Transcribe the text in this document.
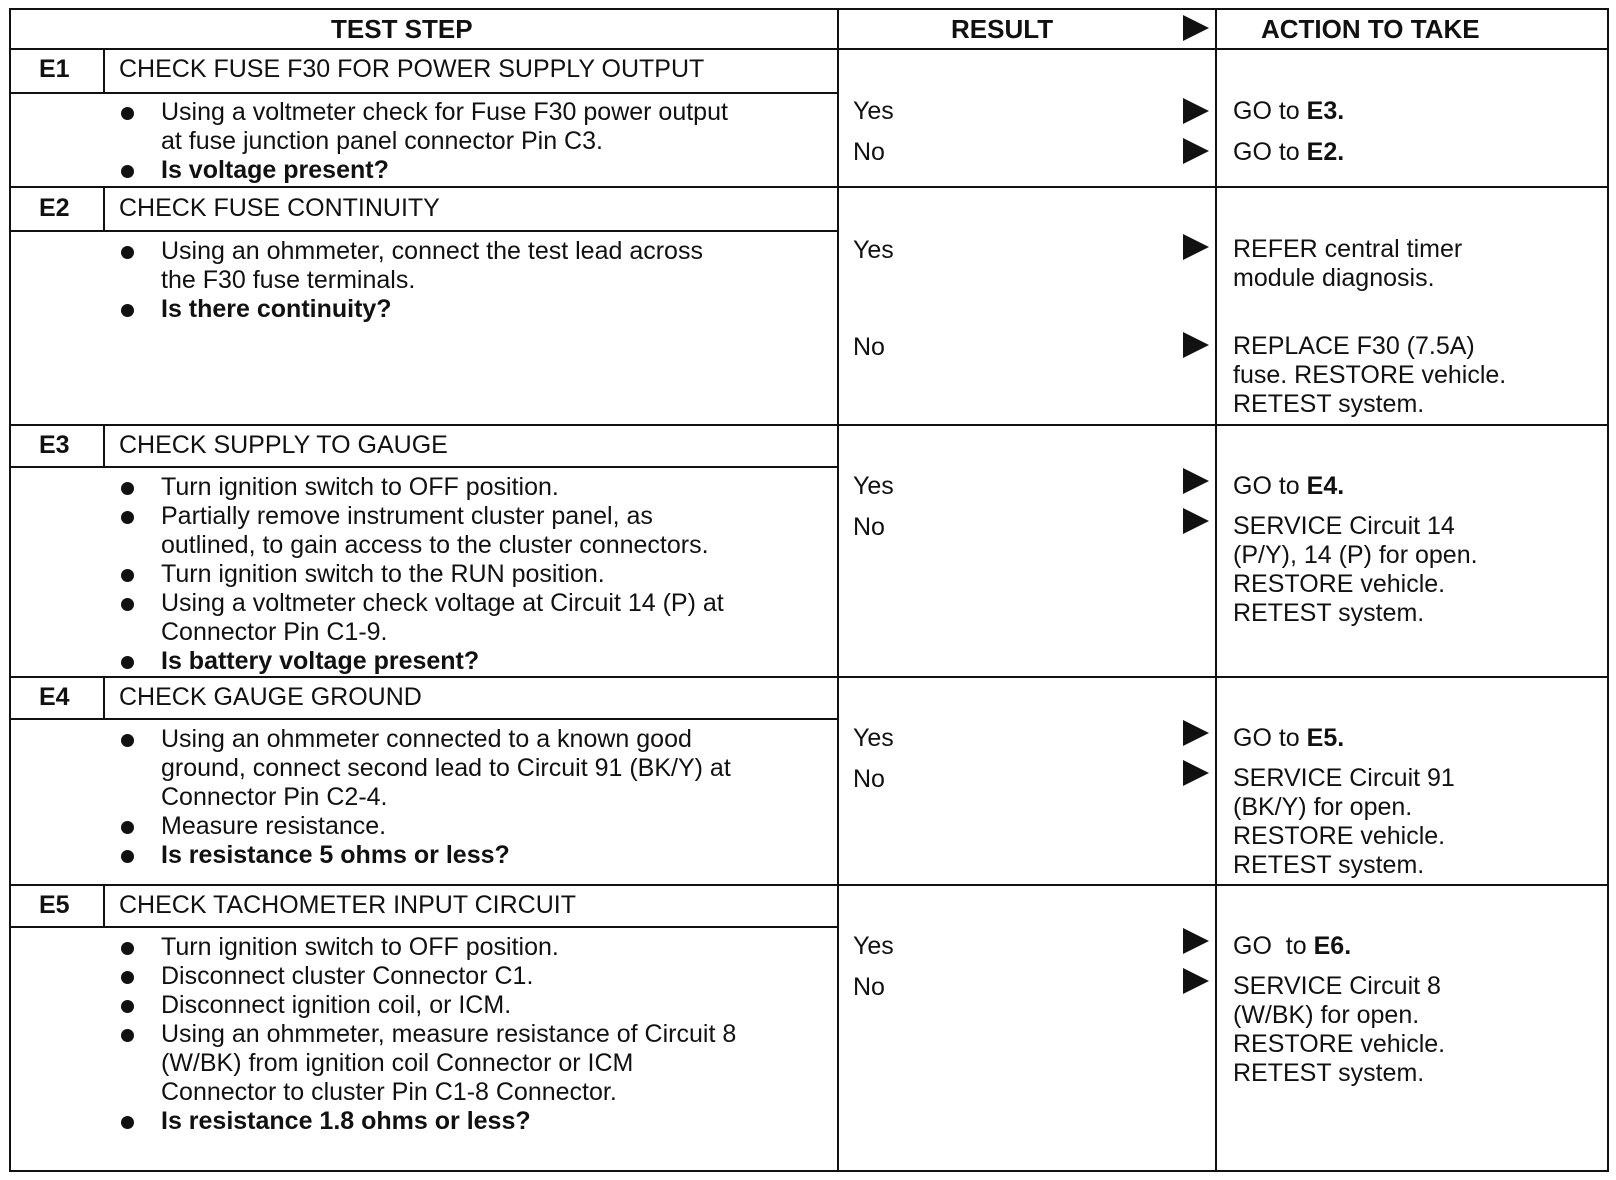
TEST STEP	RESULT	ACTION TO TAKE
E1 CHECK FUSE F30 FOR POWER SUPPLY OUTPUT
Using a voltmeter check for Fuse F30 power output
at fuse junction panel connector Pin C3.
Is voltage present?
Yes	GO to E3.
No	GO to E2.
E2 CHECK FUSE CONTINUITY
Using an ohmmeter, connect the test lead across
the F30 fuse terminals.
Is there continuity?
Yes	REFER central timer
module diagnosis.
No	REPLACE F30 (7.5A)
fuse. RESTORE vehicle.
RETEST system.
E3 CHECK SUPPLY TO GAUGE
Turn ignition switch to OFF position.
Partially remove instrument cluster panel, as
outlined, to gain access to the cluster connectors.
Turn ignition switch to the RUN position.
Using a voltmeter check voltage at Circuit 14 (P) at
Connector Pin C1-9.
Is battery voltage present?
Yes	GO to E4.
No	SERVICE Circuit 14
(P/Y), 14 (P) for open.
RESTORE vehicle.
RETEST system.
E4 CHECK GAUGE GROUND
Using an ohmmeter connected to a known good
ground, connect second lead to Circuit 91 (BK/Y) at
Connector Pin C2-4.
Measure resistance.
Is resistance 5 ohms or less?
Yes	GO to E5.
No	SERVICE Circuit 91
(BK/Y) for open.
RESTORE vehicle.
RETEST system.
E5 CHECK TACHOMETER INPUT CIRCUIT
Turn ignition switch to OFF position.
Disconnect cluster Connector C1.
Disconnect ignition coil, or ICM.
Using an ohmmeter, measure resistance of Circuit 8
(W/BK) from ignition coil Connector or ICM
Connector to cluster Pin C1-8 Connector.
Is resistance 1.8 ohms or less?
Yes	GO  to E6.
No	SERVICE Circuit 8
(W/BK) for open.
RESTORE vehicle.
RETEST system.
